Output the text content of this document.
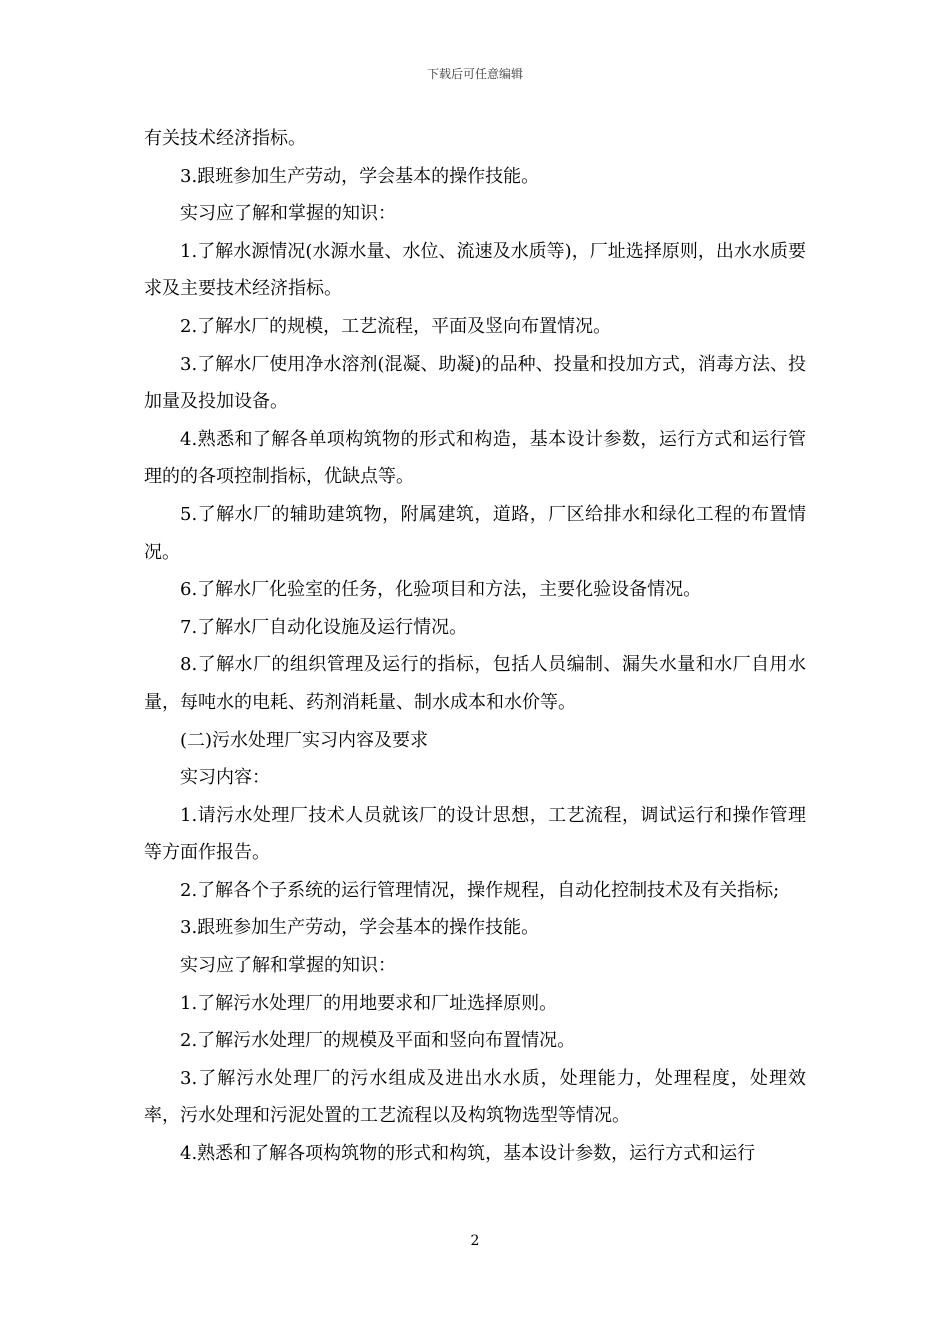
下载后可任意编辑

有关技术经济指标。

3.跟班参加生产劳动，学会基本的操作技能。

实习应了解和掌握的知识：

1.了解水源情况(水源水量、水位、流速及水质等)，厂址选择原则，出水水质要求及主要技术经济指标。

2.了解水厂的规模，工艺流程，平面及竖向布置情况。

3.了解水厂使用净水溶剂(混凝、助凝)的品种、投量和投加方式，消毒方法、投加量及投加设备。

4.熟悉和了解各单项构筑物的形式和构造，基本设计参数，运行方式和运行管理的的各项控制指标，优缺点等。

5.了解水厂的辅助建筑物，附属建筑，道路，厂区给排水和绿化工程的布置情况。

6.了解水厂化验室的任务，化验项目和方法，主要化验设备情况。

7.了解水厂自动化设施及运行情况。

8.了解水厂的组织管理及运行的指标，包括人员编制、漏失水量和水厂自用水量，每吨水的电耗、药剂消耗量、制水成本和水价等。

(二)污水处理厂实习内容及要求

实习内容：

1.请污水处理厂技术人员就该厂的设计思想，工艺流程，调试运行和操作管理等方面作报告。

2.了解各个子系统的运行管理情况，操作规程，自动化控制技术及有关指标;

3.跟班参加生产劳动，学会基本的操作技能。

实习应了解和掌握的知识：

1.了解污水处理厂的用地要求和厂址选择原则。

2.了解污水处理厂的规模及平面和竖向布置情况。

3.了解污水处理厂的污水组成及进出水水质，处理能力，处理程度，处理效率，污水处理和污泥处置的工艺流程以及构筑物选型等情况。

4.熟悉和了解各项构筑物的形式和构筑，基本设计参数，运行方式和运行

2
